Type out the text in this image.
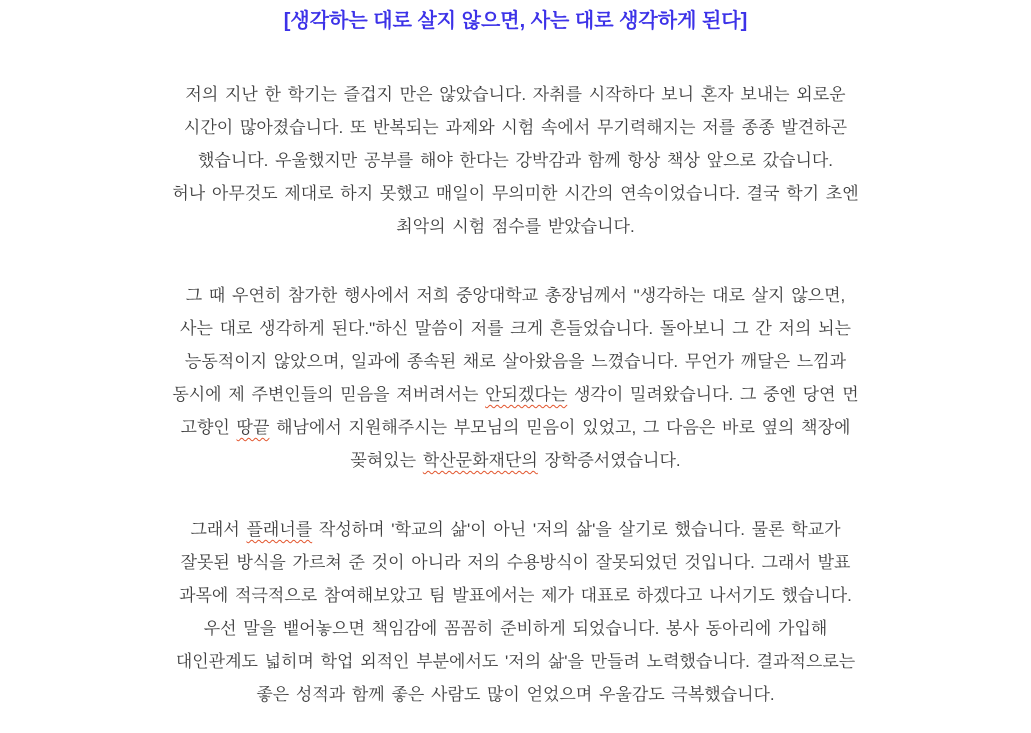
[생각하는 대로 살지 않으면, 사는 대로 생각하게 된다]
저의 지난 한 학기는 즐겁지 만은 않았습니다. 자취를 시작하다 보니 혼자 보내는 외로운
시간이 많아졌습니다. 또 반복되는 과제와 시험 속에서 무기력해지는 저를 종종 발견하곤
했습니다. 우울했지만 공부를 해야 한다는 강박감과 함께 항상 책상 앞으로 갔습니다.
허나 아무것도 제대로 하지 못했고 매일이 무의미한 시간의 연속이었습니다. 결국 학기 초엔
최악의 시험 점수를 받았습니다.
그 때 우연히 참가한 행사에서 저희 중앙대학교 총장님께서 "생각하는 대로 살지 않으면,
사는 대로 생각하게 된다."하신 말씀이 저를 크게 흔들었습니다. 돌아보니 그 간 저의 뇌는
능동적이지 않았으며, 일과에 종속된 채로 살아왔음을 느꼈습니다. 무언가 깨달은 느낌과
동시에 제 주변인들의 믿음을 져버려서는 안되겠다는 생각이 밀려왔습니다. 그 중엔 당연 먼
고향인 땅끝 해남에서 지원해주시는 부모님의 믿음이 있었고, 그 다음은 바로 옆의 책장에
꽂혀있는 학산문화재단의 장학증서였습니다.
그래서 플래너를 작성하며 '학교의 삶'이 아닌 '저의 삶'을 살기로 했습니다. 물론 학교가
잘못된 방식을 가르쳐 준 것이 아니라 저의 수용방식이 잘못되었던 것입니다. 그래서 발표
과목에 적극적으로 참여해보았고 팀 발표에서는 제가 대표로 하겠다고 나서기도 했습니다.
우선 말을 뱉어놓으면 책임감에 꼼꼼히 준비하게 되었습니다. 봉사 동아리에 가입해
대인관계도 넓히며 학업 외적인 부분에서도 '저의 삶'을 만들려 노력했습니다. 결과적으로는
좋은 성적과 함께 좋은 사람도 많이 얻었으며 우울감도 극복했습니다.
